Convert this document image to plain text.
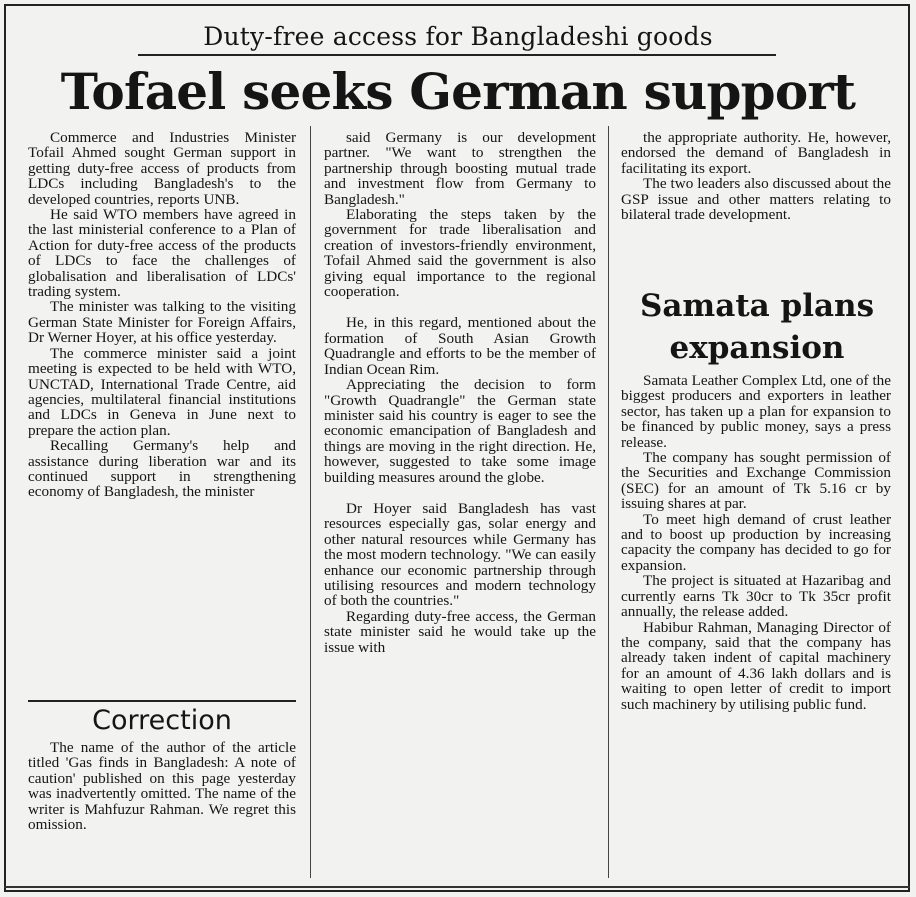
Duty-free access for Bangladeshi goods
Tofael seeks German support

Commerce and Industries Minister Tofail Ahmed sought German support in getting duty-free access of products from LDCs including Bangladesh's to the developed countries, reports UNB.

He said WTO members have agreed in the last ministerial conference to a Plan of Action for duty-free access of the products of LDCs to face the challenges of globalisation and liberalisation of LDCs' trading system.

The minister was talking to the visiting German State Minister for Foreign Affairs, Dr Werner Hoyer, at his office yesterday.

The commerce minister said a joint meeting is expected to be held with WTO, UNCTAD, International Trade Centre, aid agencies, multilateral financial institutions and LDCs in Geneva in June next to prepare the action plan.

Recalling Germany's help and assistance during liberation war and its continued support in strengthening economy of Bangladesh, the minister

Correction

The name of the author of the article titled 'Gas finds in Bangladesh: A note of caution' published on this page yesterday was inadvertently omitted. The name of the writer is Mahfuzur Rahman. We regret this omission.

said Germany is our development partner. "We want to strengthen the partnership through boosting mutual trade and investment flow from Germany to Bangladesh."

Elaborating the steps taken by the government for trade liberalisation and creation of investors-friendly environment, Tofail Ahmed said the government is also giving equal importance to the regional cooperation.

He, in this regard, mentioned about the formation of South Asian Growth Quadrangle and efforts to be the member of Indian Ocean Rim.

Appreciating the decision to form "Growth Quadrangle" the German state minister said his country is eager to see the economic emancipation of Bangladesh and things are moving in the right direction. He, however, suggested to take some image building measures around the globe.

Dr Hoyer said Bangladesh has vast resources especially gas, solar energy and other natural resources while Germany has the most modern technology. "We can easily enhance our economic partnership through utilising resources and modern technology of both the countries."

Regarding duty-free access, the German state minister said he would take up the issue with

the appropriate authority. He, however, endorsed the demand of Bangladesh in facilitating its export.

The two leaders also discussed about the GSP issue and other matters relating to bilateral trade development.

Samata plans expansion

Samata Leather Complex Ltd, one of the biggest producers and exporters in leather sector, has taken up a plan for expansion to be financed by public money, says a press release.

The company has sought permission of the Securities and Exchange Commission (SEC) for an amount of Tk 5.16 cr by issuing shares at par.

To meet high demand of crust leather and to boost up production by increasing capacity the company has decided to go for expansion.

The project is situated at Hazaribag and currently earns Tk 30cr to Tk 35cr profit annually, the release added.

Habibur Rahman, Managing Director of the company, said that the company has already taken indent of capital machinery for an amount of 4.36 lakh dollars and is waiting to open letter of credit to import such machinery by utilising public fund.
